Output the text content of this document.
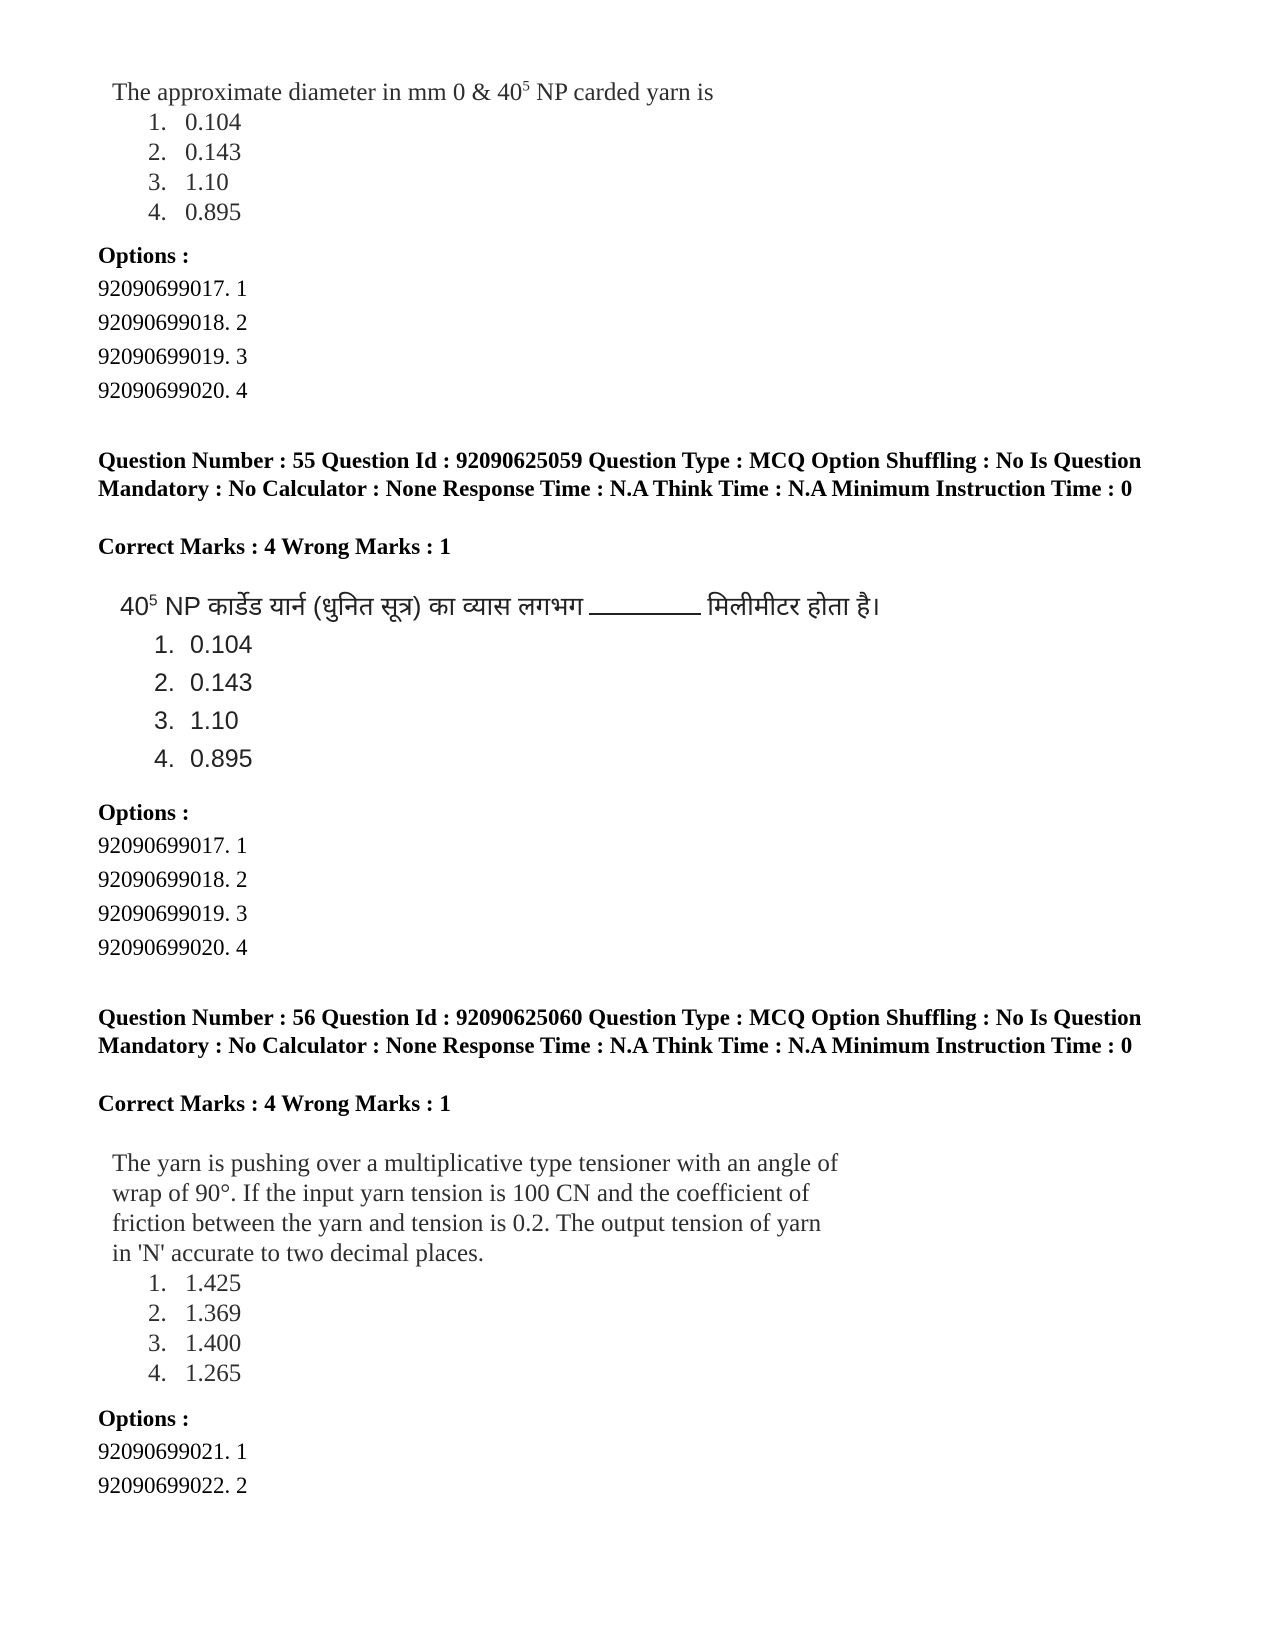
The approximate diameter in mm 0 & $40^5$ NP carded yarn is
1. 0.104
2. 0.143
3. 1.10
4. 0.895
Options :
92090699017. 1
92090699018. 2
92090699019. 3
92090699020. 4
Question Number : 55 Question Id : 92090625059 Question Type : MCQ Option Shuffling : No Is Question Mandatory : No Calculator : None Response Time : N.A Think Time : N.A Minimum Instruction Time : 0
Correct Marks : 4 Wrong Marks : 1
$40^5$ NP कार्डेड यार्न (धुनित सूत्र) का व्यास लगभग	मिलीमीटर होता है।
1. 0.104
2. 0.143
3. 1.10
4. 0.895
Options :
92090699017. 1
92090699018. 2
92090699019. 3
92090699020. 4
Question Number : 56 Question Id : 92090625060 Question Type : MCQ Option Shuffling : No Is Question Mandatory : No Calculator : None Response Time : N.A Think Time : N.A Minimum Instruction Time : 0
Correct Marks : 4 Wrong Marks : 1
The yarn is pushing over a multiplicative type tensioner with an angle of
wrap of 90°. If the input yarn tension is 100 CN and the coefficient of
friction between the yarn and tension is 0.2. The output tension of yarn
in 'N' accurate to two decimal places.
1. 1.425
2. 1.369
3. 1.400
4. 1.265
Options :
92090699021. 1
92090699022. 2
